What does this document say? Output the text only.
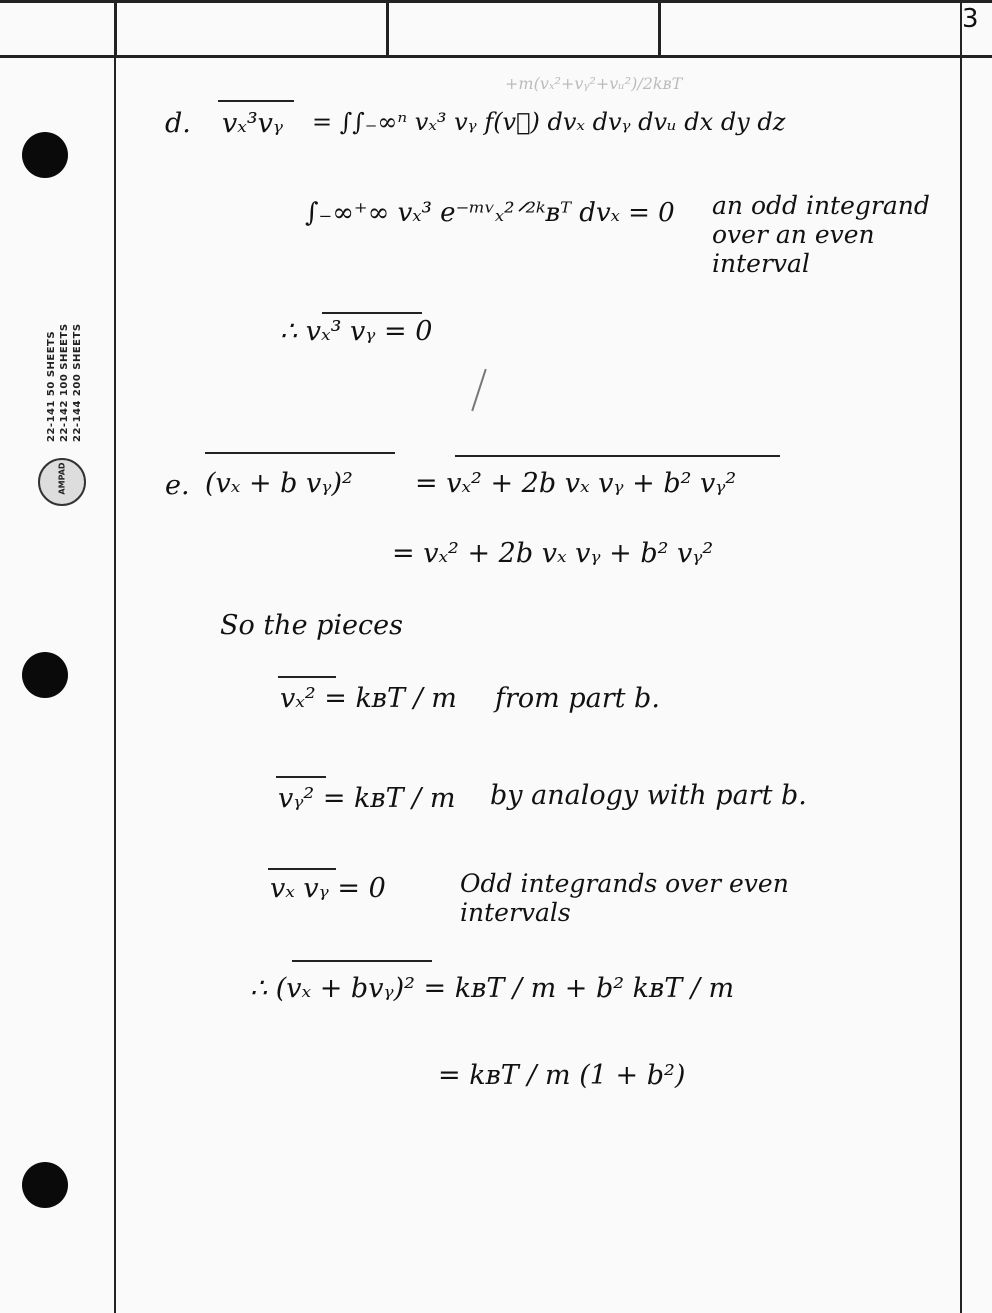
3
22-141 50 SHEETS 22-142 100 SHEETS 22-144 200 SHEETS
AMPAD
+m(vₓ²+vᵧ²+vᵤ²)/2kʙT
d. vₓ³vᵧ = ∫∫₋∞ⁿ vₓ³ vᵧ f(v⃗) dvₓ dvᵧ dvᵤ dx dy dz
∫₋∞⁺∞ vₓ³ e⁻ᵐᵛₓ²ᐟ²ᵏʙᵀ dvₓ = 0 an odd integrand over an even interval
∴ vₓ³ vᵧ = 0
e. (vₓ + b vᵧ)² = vₓ² + 2b vₓ vᵧ + b² vᵧ²
= vₓ² + 2b vₓ vᵧ + b² vᵧ²
So the pieces
vₓ² = kʙT / m from part b.
vᵧ² = kʙT / m by analogy with part b.
vₓ vᵧ = 0	Odd integrands over even intervals
∴ (vₓ + bvᵧ)² = kʙT / m + b² kʙT / m
= kʙT / m (1 + b²)
